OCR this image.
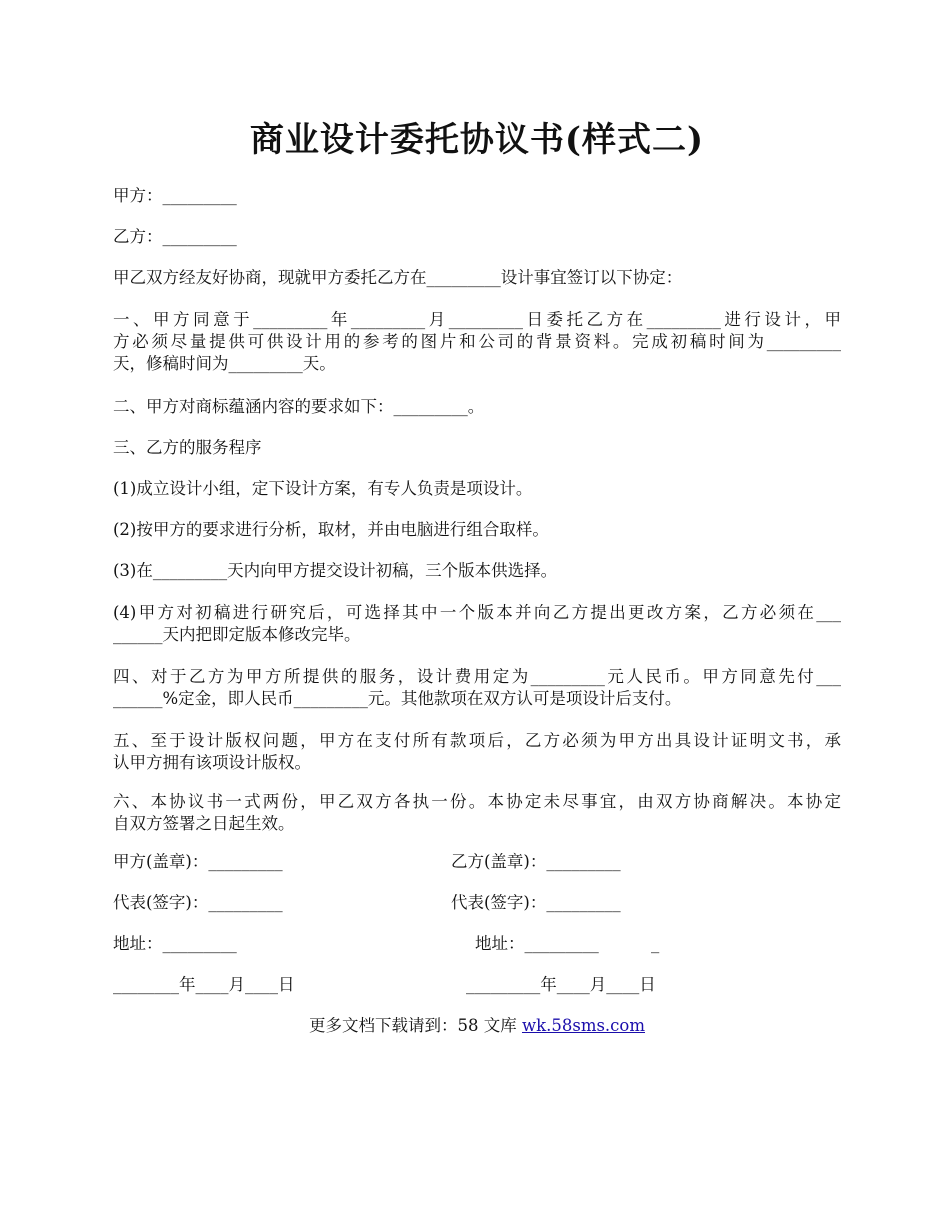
商业设计委托协议书(样式二)
甲方：_________
乙方：_________
甲乙双方经友好协商，现就甲方委托乙方在_________设计事宜签订以下协定：
一、甲方同意于_________年_________月_________日委托乙方在_________进行设计，甲
方必须尽量提供可供设计用的参考的图片和公司的背景资料。完成初稿时间为_________
天，修稿时间为_________天。
二、甲方对商标蕴涵内容的要求如下：_________。
三、乙方的服务程序
(1)成立设计小组，定下设计方案，有专人负责是项设计。
(2)按甲方的要求进行分析，取材，并由电脑进行组合取样。
(3)在_________天内向甲方提交设计初稿，三个版本供选择。
(4)甲方对初稿进行研究后，可选择其中一个版本并向乙方提出更改方案，乙方必须在___
______天内把即定版本修改完毕。
四、对于乙方为甲方所提供的服务，设计费用定为_________元人民币。甲方同意先付___
______%定金，即人民币_________元。其他款项在双方认可是项设计后支付。
五、至于设计版权问题，甲方在支付所有款项后，乙方必须为甲方出具设计证明文书，承
认甲方拥有该项设计版权。
六、本协议书一式两份，甲乙双方各执一份。本协定未尽事宜，由双方协商解决。本协定
自双方签署之日起生效。
甲方(盖章)：_________	乙方(盖章)：_________
代表(签字)：_________	代表(签字)：_________
地址：_________	地址：_________	_
________年____月____日	_________年____月____日
更多文档下载请到：58 文库 wk.58sms.com
